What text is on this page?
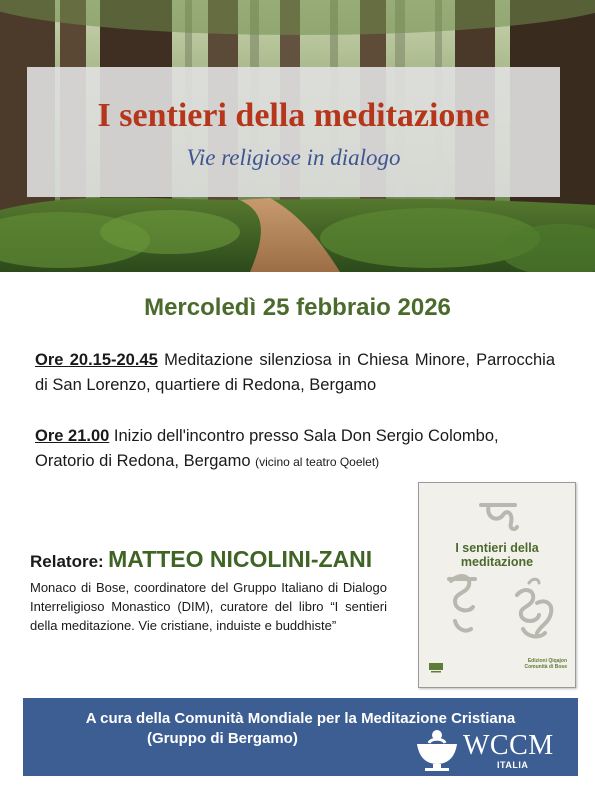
I sentieri della meditazione
Vie religiose in dialogo
Mercoledì 25 febbraio 2026
Ore 20.15-20.45 Meditazione silenziosa in Chiesa Minore, Parrocchia di San Lorenzo, quartiere di Redona, Bergamo
Ore 21.00 Inizio dell'incontro presso Sala Don Sergio Colombo, Oratorio di Redona, Bergamo (vicino al teatro Qoelet)
I sentieri della
meditazione
Edizioni Qiqajon
Comunità di Bose
Relatore: MATTEO NICOLINI-ZANI
Monaco di Bose, coordinatore del Gruppo Italiano di Dialogo Interreligioso Monastico (DIM), curatore del libro “I sentieri della meditazione. Vie cristiane, induiste e buddhiste”
A cura della Comunità Mondiale per la Meditazione Cristiana
(Gruppo di Bergamo)	WCCM
ITALIA
